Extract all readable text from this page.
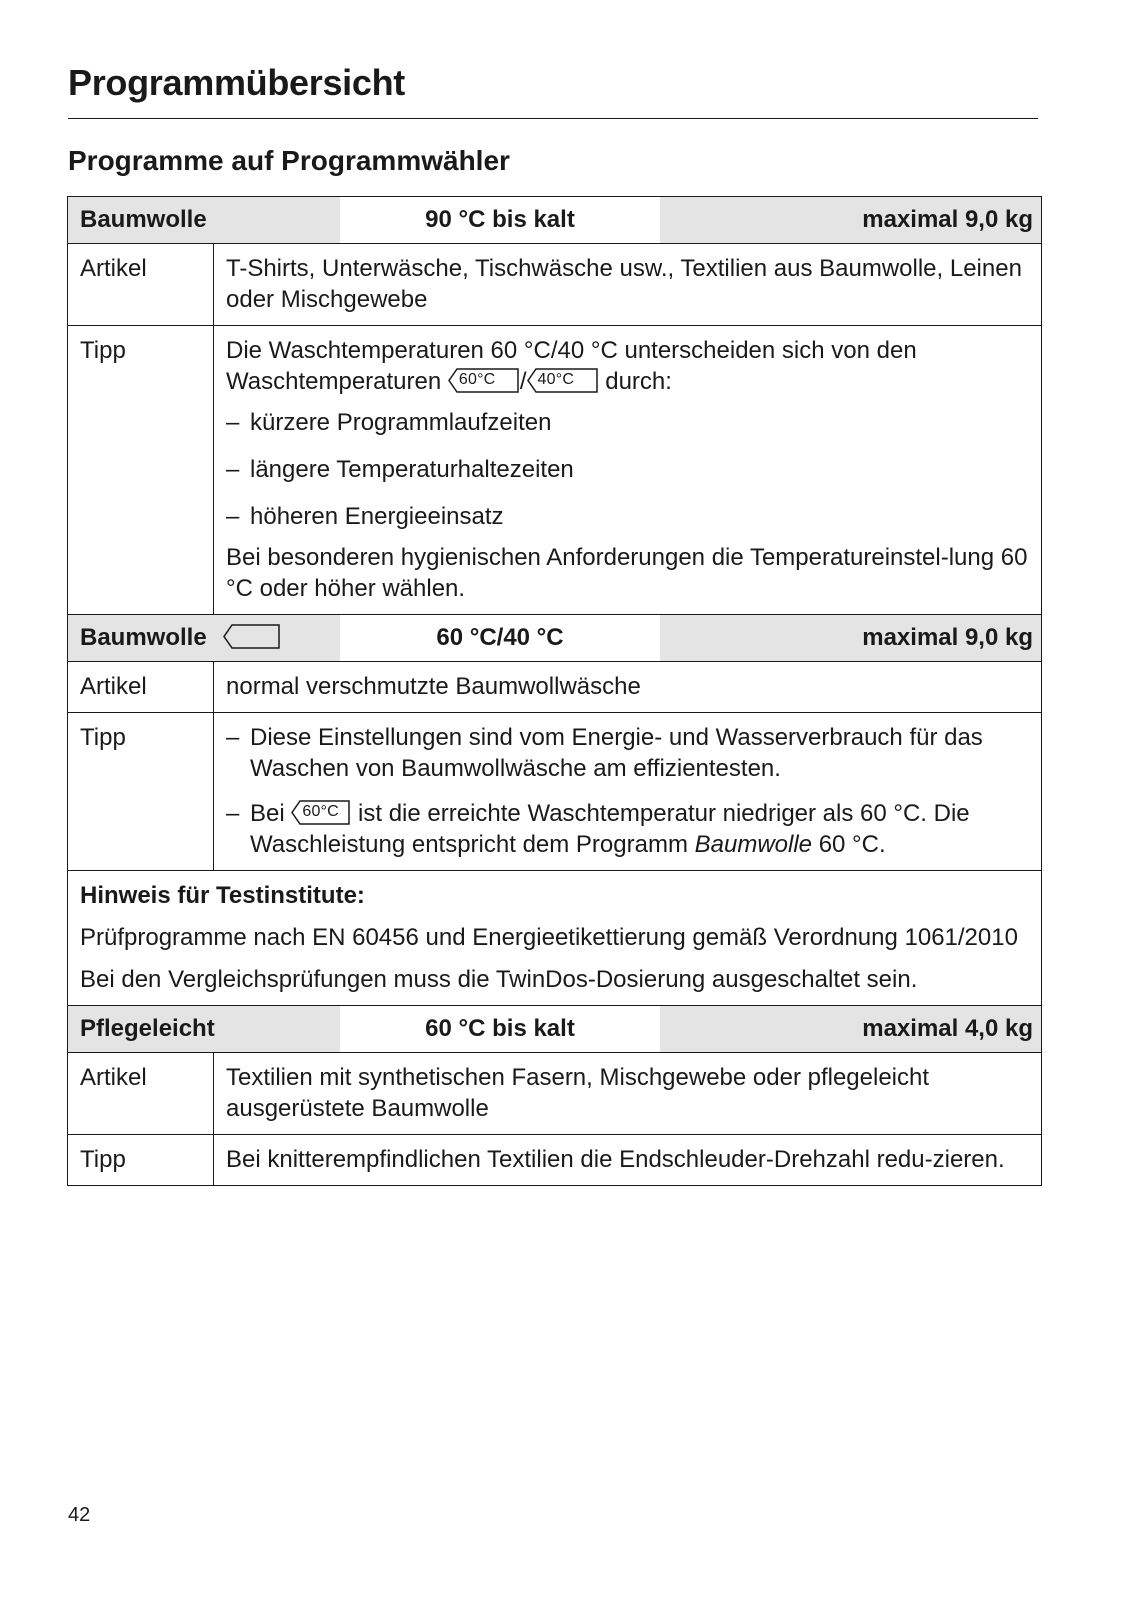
Programmübersicht
Programme auf Programmwähler
Baumwolle	90 °C bis kalt	maximal 9,0 kg
Artikel	T-Shirts, Unterwäsche, Tischwäsche usw., Textilien aus Baumwolle, Leinen oder Mischgewebe
Tipp	Die Waschtemperaturen 60 °C/40 °C unterscheiden sich von den Waschtemperaturen 60°C / 40°C durch:

– kürzere Programmlaufzeiten
– längere Temperaturhaltezeiten
– höheren Energieeinsatz

Bei besonderen hygienischen Anforderungen die Temperatureinstel-lung 60 °C oder höher wählen.

Baumwolle	60 °C/40 °C	maximal 9,0 kg
Artikel	normal verschmutzte Baumwollwäsche
Tipp	– Diese Einstellungen sind vom Energie- und Wasserverbrauch für das Waschen von Baumwollwäsche am effizientesten.
– Bei 60°C ist die erreichte Waschtemperatur niedriger als 60 °C. Die Waschleistung entspricht dem Programm Baumwolle 60 °C.

Hinweis für Testinstitute:

Prüfprogramme nach EN 60456 und Energieetikettierung gemäß Verordnung 1061/2010

Bei den Vergleichsprüfungen muss die TwinDos-Dosierung ausgeschaltet sein.

Pflegeleicht	60 °C bis kalt	maximal 4,0 kg
Artikel	Textilien mit synthetischen Fasern, Mischgewebe oder pflegeleicht ausgerüstete Baumwolle
Tipp	Bei knitterempfindlichen Textilien die Endschleuder-Drehzahl redu-zieren.
42
